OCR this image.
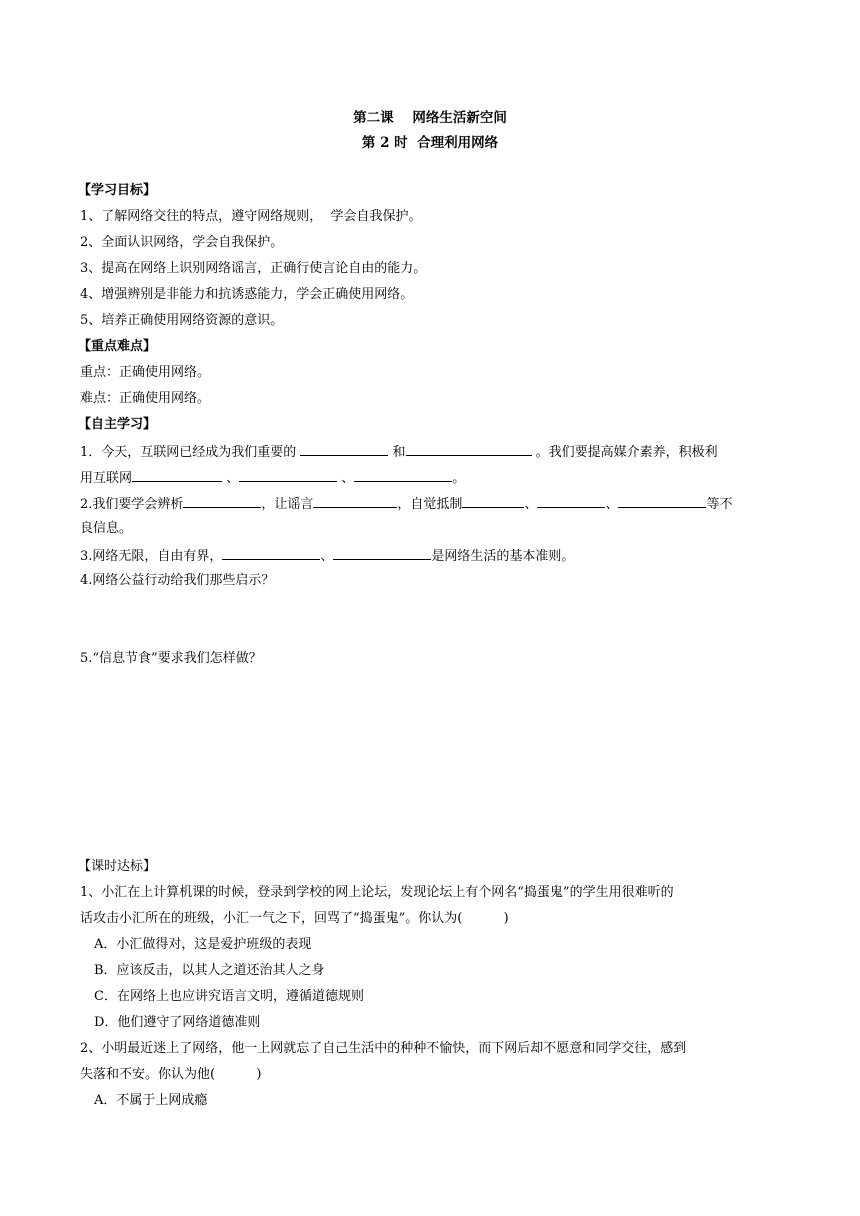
第二课    网络生活新空间
第 2 时  合理利用网络
【学习目标】
1、了解网络交往的特点，遵守网络规则，  学会自我保护。
2、全面认识网络，学会自我保护。
3、提高在网络上识别网络谣言，正确行使言论自由的能力。
4、增强辨别是非能力和抗诱惑能力，学会正确使用网络。
5、培养正确使用网络资源的意识。
【重点难点】
重点：正确使用网络。
难点：正确使用网络。
【自主学习】
1．今天，互联网已经成为我们重要的	和	。我们要提高媒介素养，积极利
用互联网	、	、	。
2.我们要学会辨析	，让谣言	，自觉抵制	、	、	等不
良信息。
3.网络无限，自由有界，	、	是网络生活的基本准则。
4.网络公益行动给我们那些启示？
5.“信息节食”要求我们怎样做？
【课时达标】
1、小汇在上计算机课的时候，登录到学校的网上论坛，发现论坛上有个网名“捣蛋鬼”的学生用很难听的
话攻击小汇所在的班级，小汇一气之下，回骂了“捣蛋鬼”。你认为(          )
A．小汇做得对，这是爱护班级的表现
B．应该反击，以其人之道还治其人之身
C．在网络上也应讲究语言文明，遵循道德规则
D．他们遵守了网络道德准则
2、小明最近迷上了网络，他一上网就忘了自己生活中的种种不愉快，而下网后却不愿意和同学交往，感到
失落和不安。你认为他(          )
A．不属于上网成瘾
